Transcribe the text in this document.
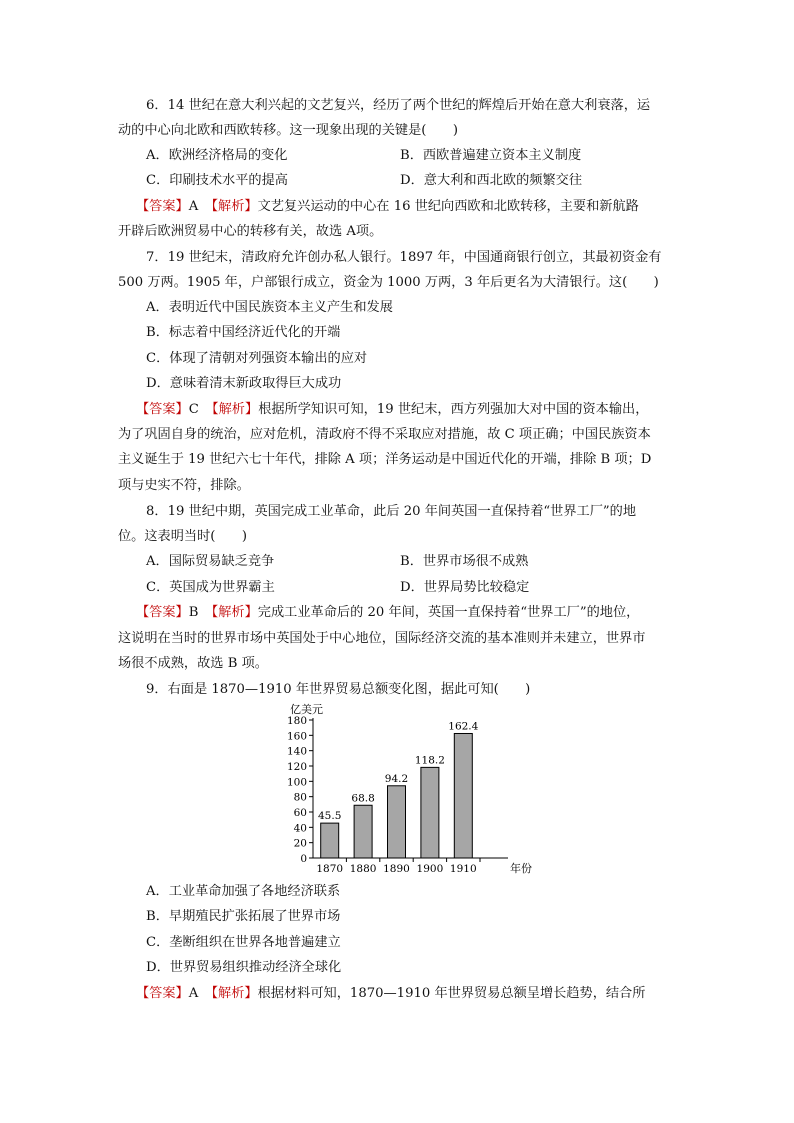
6．14 世纪在意大利兴起的文艺复兴，经历了两个世纪的辉煌后开始在意大利衰落，运
动的中心向北欧和西欧转移。这一现象出现的关键是(　　)
A．欧洲经济格局的变化	B．西欧普遍建立资本主义制度
C．印刷技术水平的提高	D．意大利和西北欧的频繁交往
【答案】A　【解析】文艺复兴运动的中心在 16 世纪向西欧和北欧转移，主要和新航路
开辟后欧洲贸易中心的转移有关，故选 A项。
7．19 世纪末，清政府允许创办私人银行。1897 年，中国通商银行创立，其最初资金有
500 万两。1905 年，户部银行成立，资金为 1000 万两，3 年后更名为大清银行。这(　　)
A．表明近代中国民族资本主义产生和发展
B．标志着中国经济近代化的开端
C．体现了清朝对列强资本输出的应对
D．意味着清末新政取得巨大成功
【答案】C　【解析】根据所学知识可知，19 世纪末，西方列强加大对中国的资本输出，
为了巩固自身的统治，应对危机，清政府不得不采取应对措施，故 C 项正确；中国民族资本
主义诞生于 19 世纪六七十年代，排除 A 项；洋务运动是中国近代化的开端，排除 B 项；D
项与史实不符，排除。
8．19 世纪中期，英国完成工业革命，此后 20 年间英国一直保持着“世界工厂”的地
位。这表明当时(　　)
A．国际贸易缺乏竞争	B．世界市场很不成熟
C．英国成为世界霸主	D．世界局势比较稳定
【答案】B　【解析】完成工业革命后的 20 年间，英国一直保持着“世界工厂”的地位，
这说明在当时的世界市场中英国处于中心地位，国际经济交流的基本准则并未建立，世界市
场很不成熟，故选 B 项。
9．右面是 1870—1910 年世界贸易总额变化图，据此可知(　　)
亿美元
0
20
40
60
80
100
120
140
160
180
45.5
68.8
94.2
118.2
162.4
1870 1880 1890 1900 1910	年份
A．工业革命加强了各地经济联系
B．早期殖民扩张拓展了世界市场
C．垄断组织在世界各地普遍建立
D．世界贸易组织推动经济全球化
【答案】A　【解析】根据材料可知，1870—1910 年世界贸易总额呈增长趋势，结合所
